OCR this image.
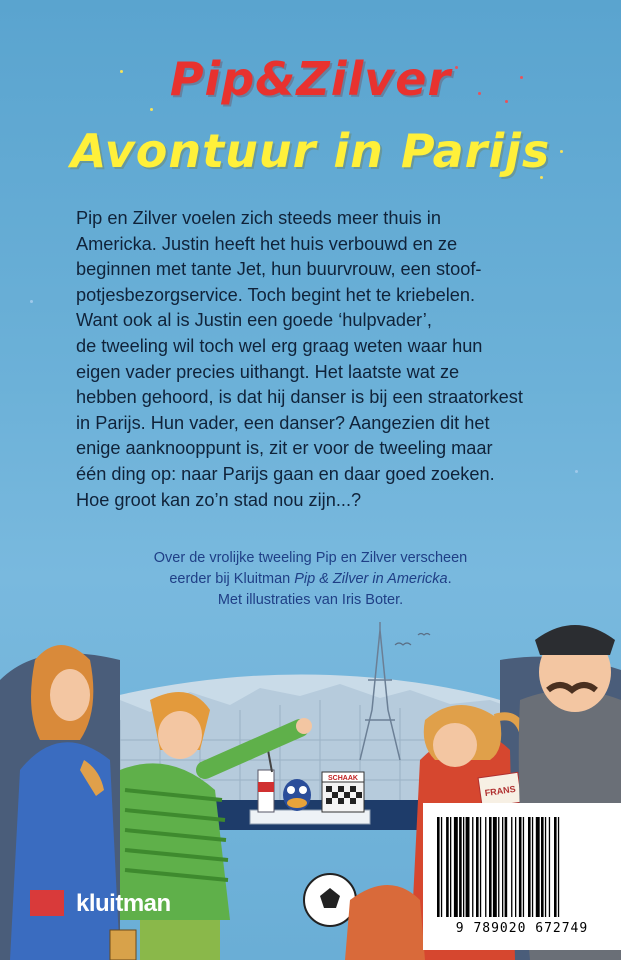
Pip&Zilver
Avontuur in Parijs
Pip en Zilver voelen zich steeds meer thuis in
Americka. Justin heeft het huis verbouwd en ze
beginnen met tante Jet, hun buurvrouw, een stoof-
potjesbezorgservice. Toch begint het te kriebelen.
Want ook al is Justin een goede ‘hulpvader’,
de tweeling wil toch wel erg graag weten waar hun
eigen vader precies uithangt. Het laatste wat ze
hebben gehoord, is dat hij danser is bij een straatorkest
in Parijs. Hun vader, een danser? Aangezien dit het
enige aanknooppunt is, zit er voor de tweeling maar
één ding op: naar Parijs gaan en daar goed zoeken.
Hoe groot kan zo’n stad nou zijn...?
Over de vrolijke tweeling Pip en Zilver verscheen
eerder bij Kluitman Pip & Zilver in Americka.
Met illustraties van Iris Boter.
SCHAAK
FRANS
kluitman
9 789020 672749
